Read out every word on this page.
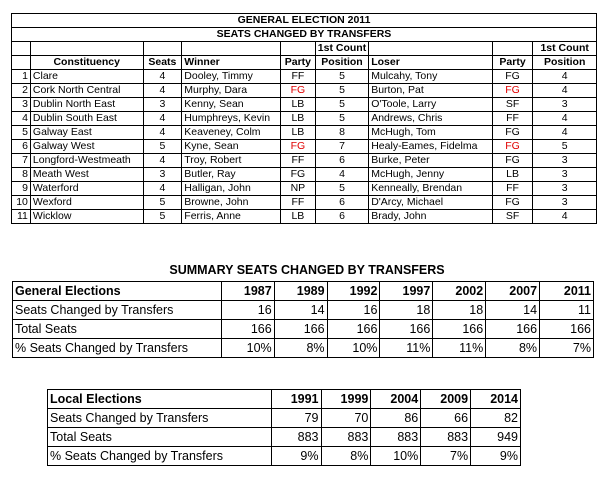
GENERAL ELECTION 2011								
SEATS CHANGED BY TRANSFERS								
					1st Count			1st Count
	Constituency	Seats	Winner	Party	Position	Loser	Party	Position
1	Clare	4	Dooley, Timmy	FF	5	Mulcahy, Tony	FG	4
2	Cork North Central	4	Murphy, Dara	FG	5	Burton, Pat	FG	4
3	Dublin North East	3	Kenny, Sean	LB	5	O'Toole, Larry	SF	3
4	Dublin South East	4	Humphreys, Kevin	LB	5	Andrews, Chris	FF	4
5	Galway East	4	Keaveney, Colm	LB	8	McHugh, Tom	FG	4
6	Galway West	5	Kyne, Sean	FG	7	Healy-Eames, Fidelma	FG	5
7	Longford-Westmeath	4	Troy, Robert	FF	6	Burke, Peter	FG	3
8	Meath West	3	Butler, Ray	FG	4	McHugh, Jenny	LB	3
9	Waterford	4	Halligan, John	NP	5	Kenneally, Brendan	FF	3
10	Wexford	5	Browne, John	FF	6	D'Arcy, Michael	FG	3
11	Wicklow	5	Ferris, Anne	LB	6	Brady, John	SF	4
SUMMARY SEATS CHANGED BY TRANSFERS
General Elections	1987	1989	1992	1997	2002	2007	2011
Seats Changed by Transfers	16	14	16	18	18	14	11
Total Seats	166	166	166	166	166	166	166
% Seats Changed by Transfers	10%	8%	10%	11%	11%	8%	7%
Local Elections	1991	1999	2004	2009	2014
Seats Changed by Transfers	79	70	86	66	82
Total Seats	883	883	883	883	949
% Seats Changed by Transfers	9%	8%	10%	7%	9%
